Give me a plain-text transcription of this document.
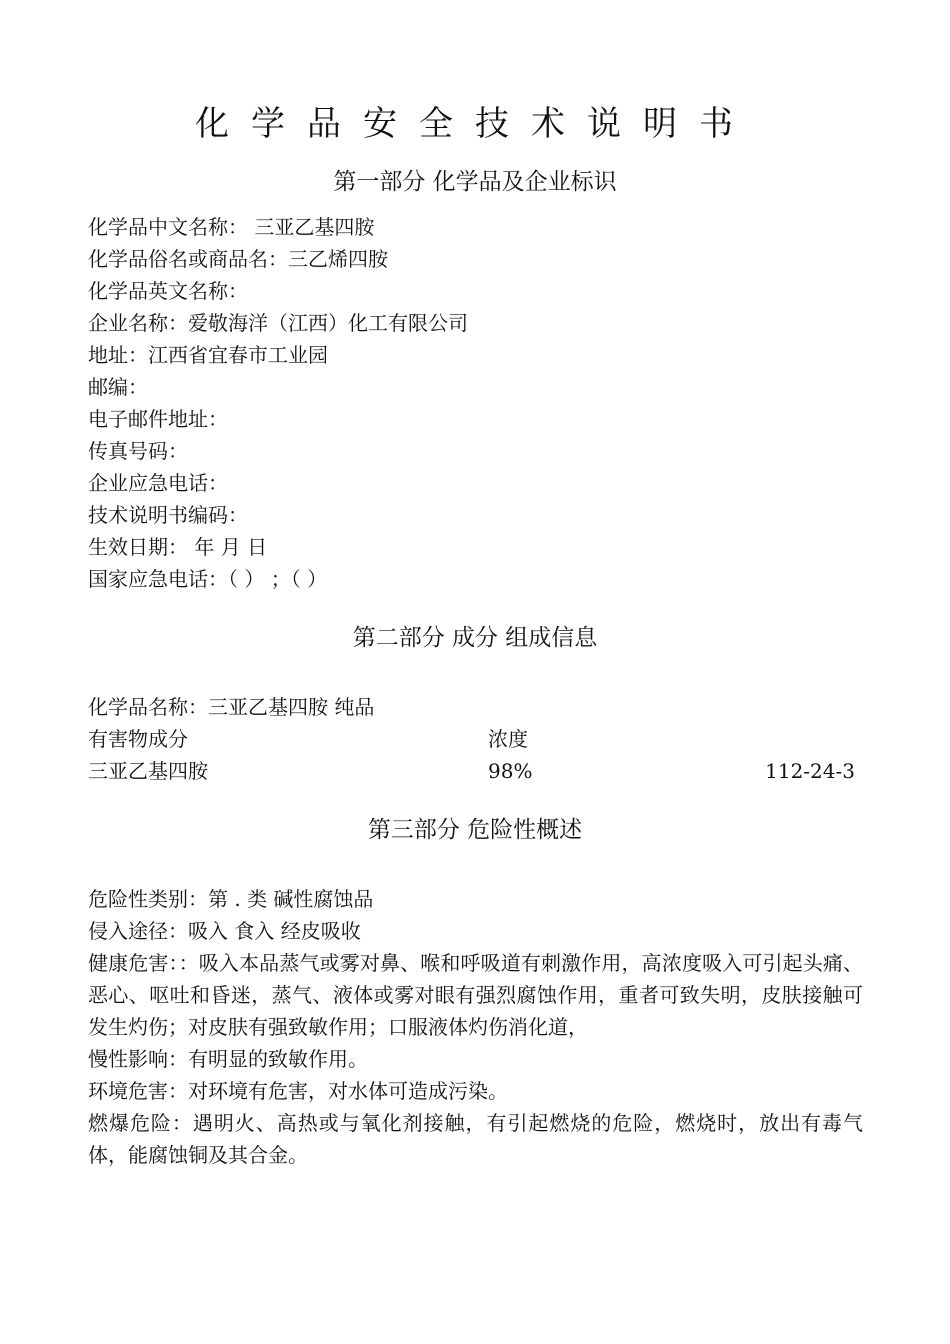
化学品安全技术说明书
第一部分 化学品及企业标识
化学品中文名称： 三亚乙基四胺
化学品俗名或商品名：三乙烯四胺
化学品英文名称：
企业名称：爱敬海洋（江西）化工有限公司
地址：江西省宜春市工业园
邮编：
电子邮件地址：
传真号码：
企业应急电话：
技术说明书编码：
生效日期： 年 月 日
国家应急电话：（ ） ；（ ）
第二部分 成分 组成信息
化学品名称：三亚乙基四胺 纯品
有害物成分	浓度
三亚乙基四胺	98%	112-24-3
第三部分 危险性概述
危险性类别：第 . 类 碱性腐蚀品
侵入途径：吸入 食入 经皮吸收
健康危害：：吸入本品蒸气或雾对鼻、喉和呼吸道有刺激作用，高浓度吸入可引起头痛、恶心、呕吐和昏迷，蒸气、液体或雾对眼有强烈腐蚀作用，重者可致失明，皮肤接触可发生灼伤；对皮肤有强致敏作用；口服液体灼伤消化道，
慢性影响：有明显的致敏作用。
环境危害：对环境有危害，对水体可造成污染。
燃爆危险：遇明火、高热或与氧化剂接触，有引起燃烧的危险，燃烧时，放出有毒气体，能腐蚀铜及其合金。
